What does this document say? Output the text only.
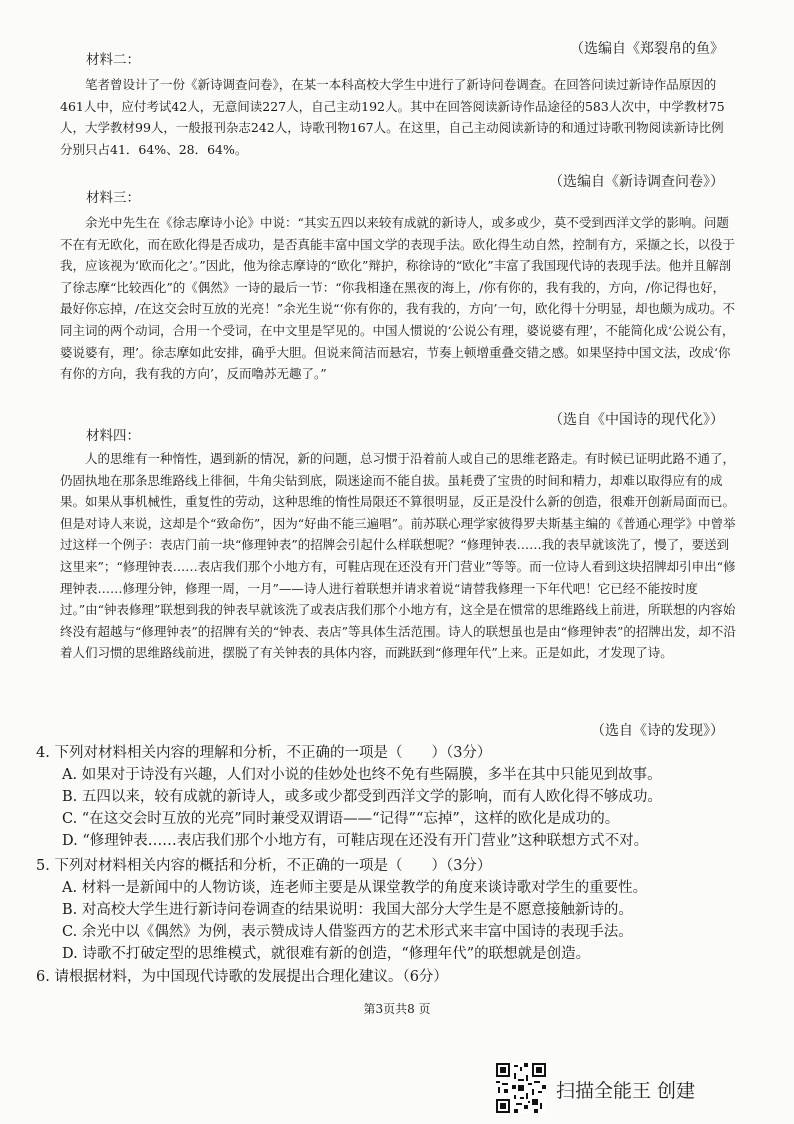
（选编自《郑裂帛的鱼》
材料二：

笔者曾设计了一份《新诗调查问卷》，在某一本科高校大学生中进行了新诗问卷调查。在回答问读过新诗作品原因的461人中，应付考试42人，无意间读227人，自己主动192人。其中在回答阅读新诗作品途径的583人次中，中学教材75人，大学教材99人，一般报刊杂志242人，诗歌刊物167人。在这里，自己主动阅读新诗的和通过诗歌刊物阅读新诗比例分别只占41．64%、28．64%。

（选编自《新诗调查问卷》）
材料三：

余光中先生在《徐志摩诗小论》中说：“其实五四以来较有成就的新诗人，或多或少，莫不受到西洋文学的影响。问题不在有无欧化，而在欧化得是否成功，是否真能丰富中国文学的表现手法。欧化得生动自然，控制有方，采撷之长，以役于我，应该视为‘欧而化之’。”因此，他为徐志摩诗的“欧化”辩护，称徐诗的“欧化”丰富了我国现代诗的表现手法。他并且解剖了徐志摩“比较西化”的《偶然》一诗的最后一节：“你我相逢在黑夜的海上，/你有你的，我有我的，方向，/你记得也好，最好你忘掉，/在这交会时互放的光亮！”余光生说“‘你有你的，我有我的，方向’一句，欧化得十分明显，却也颇为成功。不同主词的两个动词，合用一个受词，在中文里是罕见的。中国人惯说的‘公说公有理，婆说婆有理’，不能简化成‘公说公有，婆说婆有，理’。徐志摩如此安排，确乎大胆。但说来简洁而悬宕，节奏上顿增重叠交错之感。如果坚持中国文法，改成‘你有你的方向，我有我的方向’，反而噜苏无趣了。”

（选自《中国诗的现代化》）
材料四：

人的思维有一种惰性，遇到新的情况，新的问题，总习惯于沿着前人或自己的思维老路走。有时候已证明此路不通了，仍固执地在那条思维路线上徘徊，牛角尖钻到底，陨迷途而不能自拔。虽耗费了宝贵的时间和精力，却难以取得应有的成果。如果从事机械性，重复性的劳动，这种思维的惰性局限还不算很明显，反正是没什么新的创造，很难开创新局面而已。但是对诗人来说，这却是个“致命伤”，因为“好曲不能三遍唱”。前苏联心理学家彼得罗夫斯基主编的《普通心理学》中曾举过这样一个例子：表店门前一块“修理钟表”的招牌会引起什么样联想呢？“修理钟表……我的表早就该洗了，慢了，要送到这里来”；“修理钟表……表店我们那个小地方有，可鞋店现在还没有开门营业”等等。而一位诗人看到这块招牌却引申出“修理钟表……修理分钟，修理一周，一月”——诗人进行着联想并请求着说“请替我修理一下年代吧！它已经不能按时度过。”由“钟表修理”联想到我的钟表早就该洗了或表店我们那个小地方有，这全是在惯常的思维路线上前进，所联想的内容始终没有超越与“修理钟表”的招牌有关的“钟表、表店”等具体生活范围。诗人的联想虽也是由“修理钟表”的招牌出发，却不沿着人们习惯的思维路线前进，摆脱了有关钟表的具体内容，而跳跃到“修理年代”上来。正是如此，才发现了诗。

（选自《诗的发现》）
4. 下列对材料相关内容的理解和分析，不正确的一项是（　　）（3分）
A. 如果对于诗没有兴趣，人们对小说的佳妙处也终不免有些隔膜，多半在其中只能见到故事。
B. 五四以来，较有成就的新诗人，或多或少都受到西洋文学的影响，而有人欧化得不够成功。
C. “在这交会时互放的光亮”同时兼受双谓语——“记得”“忘掉”，这样的欧化是成功的。
D. “修理钟表……表店我们那个小地方有，可鞋店现在还没有开门营业”这种联想方式不对。
5. 下列对材料相关内容的概括和分析，不正确的一项是（　　）（3分）
A. 材料一是新闻中的人物访谈，连老师主要是从课堂教学的角度来谈诗歌对学生的重要性。
B. 对高校大学生进行新诗问卷调查的结果说明：我国大部分大学生是不愿意接触新诗的。
C. 余光中以《偶然》为例，表示赞成诗人借鉴西方的艺术形式来丰富中国诗的表现手法。
D. 诗歌不打破定型的思维模式，就很难有新的创造，“修理年代”的联想就是创造。
6. 请根据材料，为中国现代诗歌的发展提出合理化建议。（6分）
第3页共8 页
扫描全能王 创建
